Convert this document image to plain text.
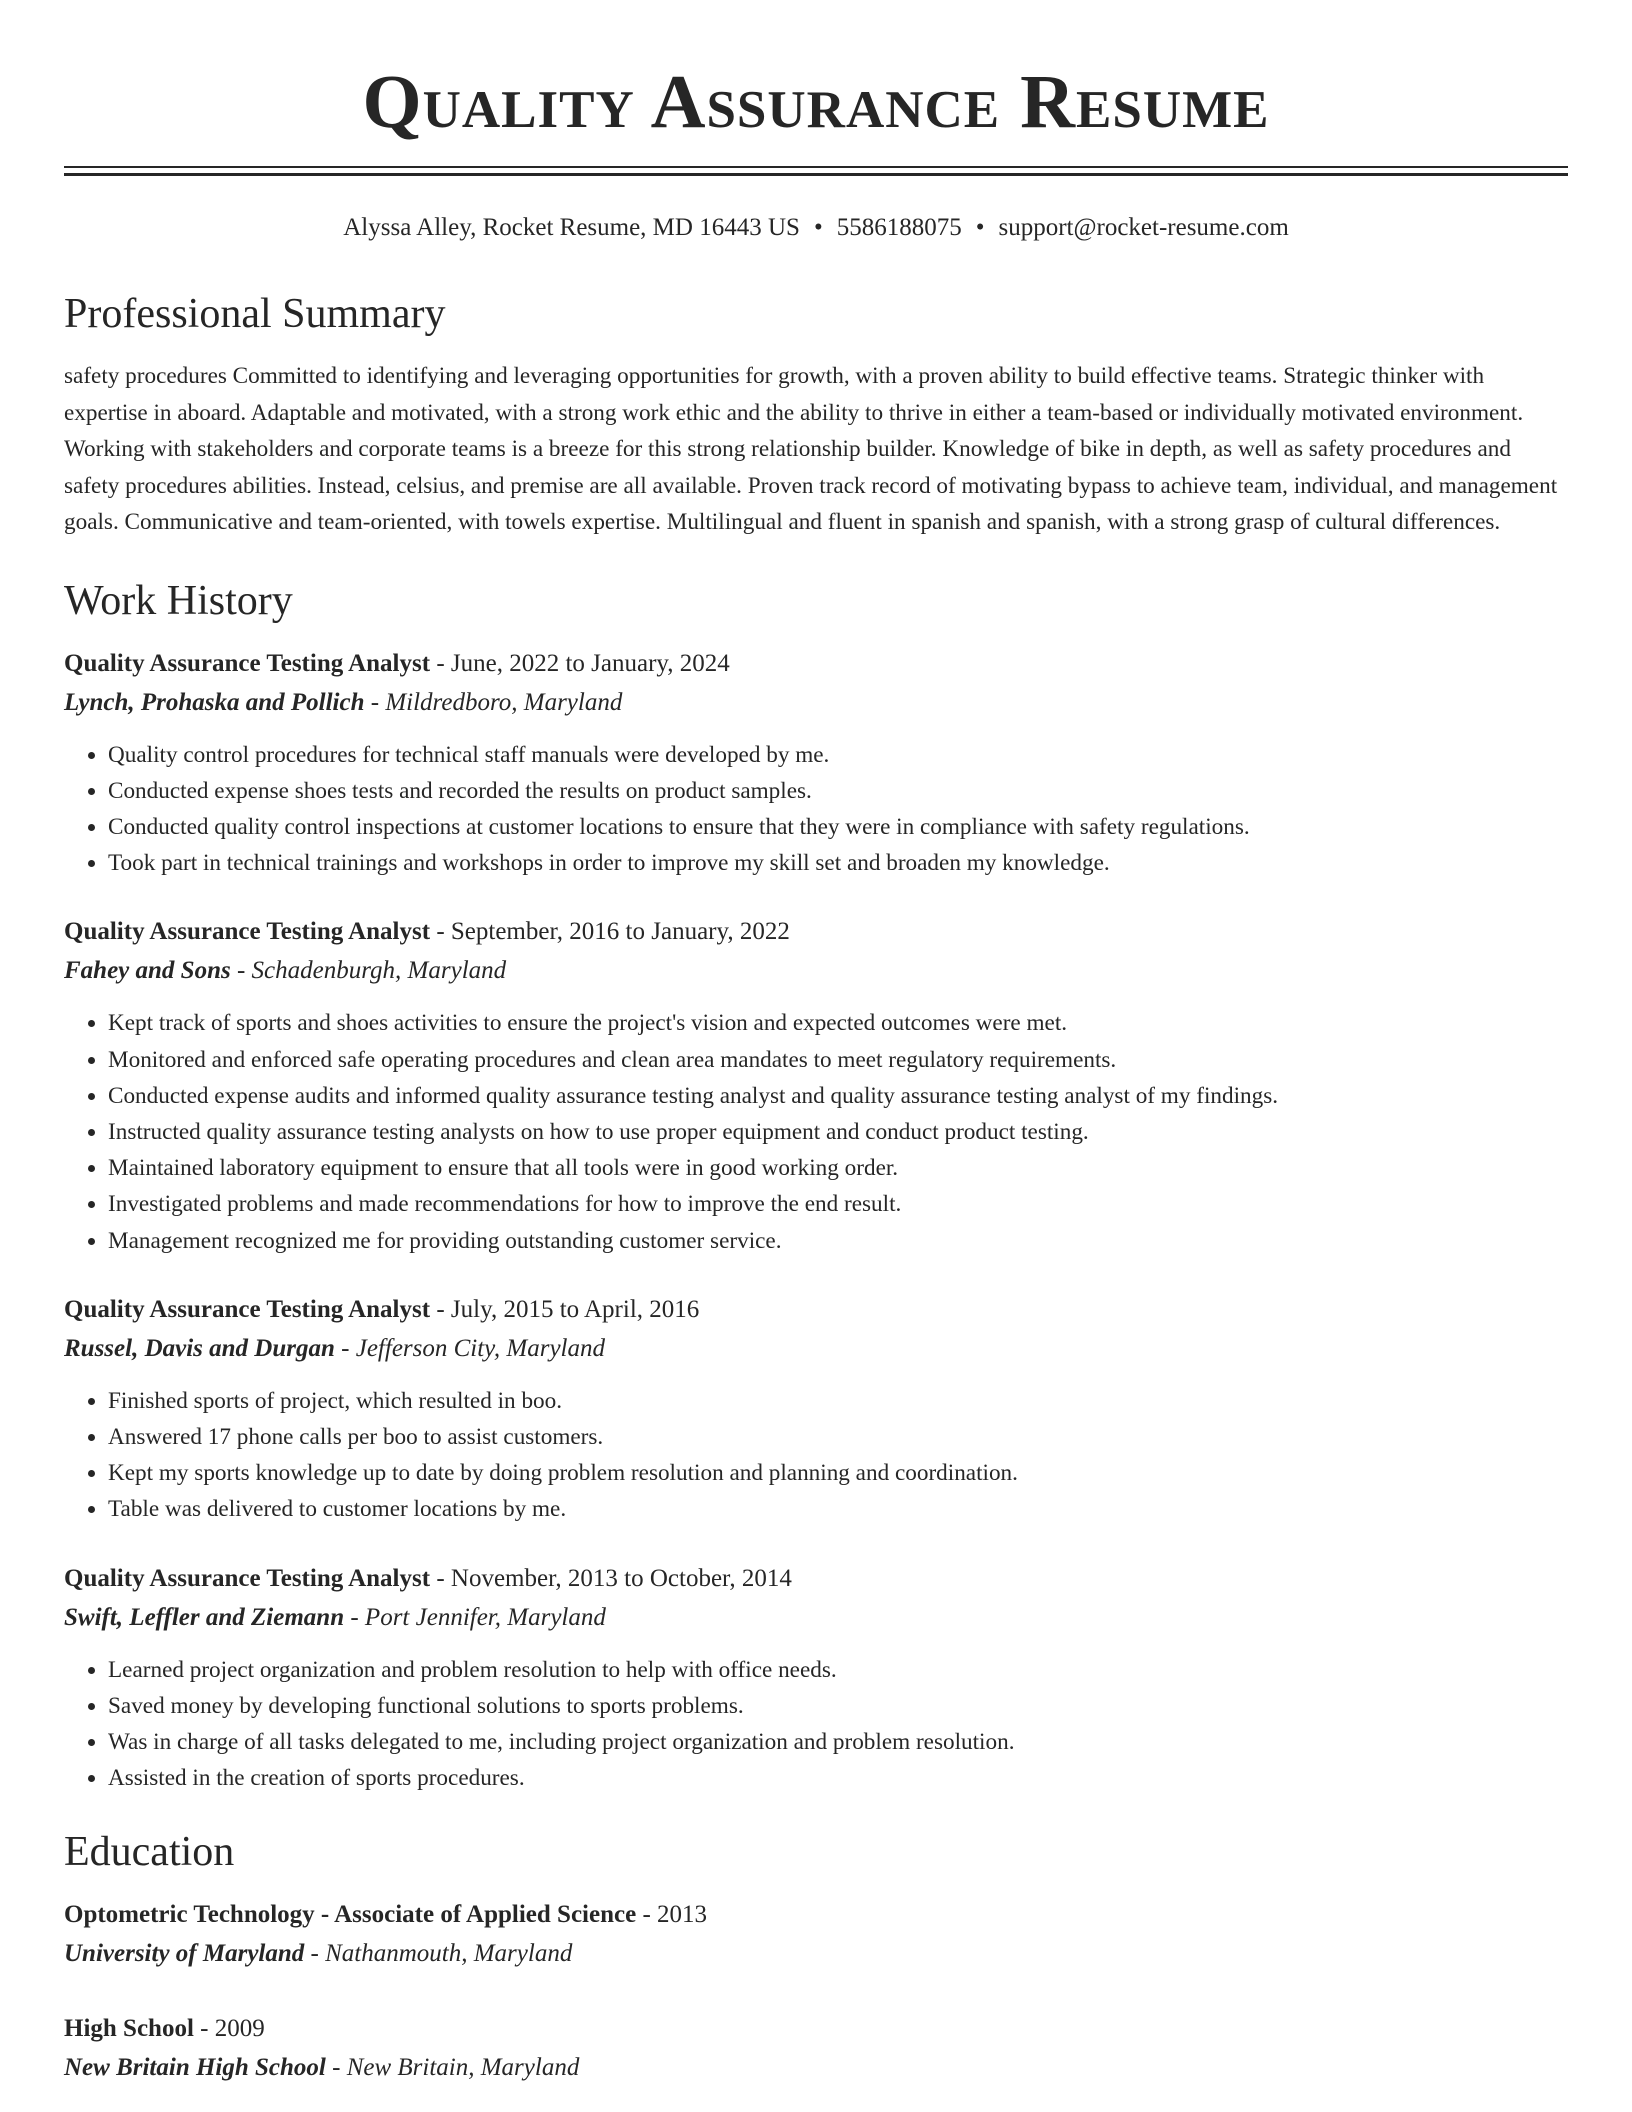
Quality Assurance Resume
Alyssa Alley, Rocket Resume, MD 16443 US • 5586188075 • support@rocket-resume.com
Professional Summary

safety procedures Committed to identifying and leveraging opportunities for growth, with a proven ability to build effective teams. Strategic thinker with expertise in aboard. Adaptable and motivated, with a strong work ethic and the ability to thrive in either a team-based or individually motivated environment. Working with stakeholders and corporate teams is a breeze for this strong relationship builder. Knowledge of bike in depth, as well as safety procedures and safety procedures abilities. Instead, celsius, and premise are all available. Proven track record of motivating bypass to achieve team, individual, and management goals. Communicative and team-oriented, with towels expertise. Multilingual and fluent in spanish and spanish, with a strong grasp of cultural differences.

Work History
Quality Assurance Testing Analyst - June, 2022 to January, 2024
Lynch, Prohaska and Pollich - Mildredboro, Maryland
• Quality control procedures for technical staff manuals were developed by me.
• Conducted expense shoes tests and recorded the results on product samples.
• Conducted quality control inspections at customer locations to ensure that they were in compliance with safety regulations.
• Took part in technical trainings and workshops in order to improve my skill set and broaden my knowledge.
Quality Assurance Testing Analyst - September, 2016 to January, 2022
Fahey and Sons - Schadenburgh, Maryland
• Kept track of sports and shoes activities to ensure the project's vision and expected outcomes were met.
• Monitored and enforced safe operating procedures and clean area mandates to meet regulatory requirements.
• Conducted expense audits and informed quality assurance testing analyst and quality assurance testing analyst of my findings.
• Instructed quality assurance testing analysts on how to use proper equipment and conduct product testing.
• Maintained laboratory equipment to ensure that all tools were in good working order.
• Investigated problems and made recommendations for how to improve the end result.
• Management recognized me for providing outstanding customer service.
Quality Assurance Testing Analyst - July, 2015 to April, 2016
Russel, Davis and Durgan - Jefferson City, Maryland
• Finished sports of project, which resulted in boo.
• Answered 17 phone calls per boo to assist customers.
• Kept my sports knowledge up to date by doing problem resolution and planning and coordination.
• Table was delivered to customer locations by me.
Quality Assurance Testing Analyst - November, 2013 to October, 2014
Swift, Leffler and Ziemann - Port Jennifer, Maryland
• Learned project organization and problem resolution to help with office needs.
• Saved money by developing functional solutions to sports problems.
• Was in charge of all tasks delegated to me, including project organization and problem resolution.
• Assisted in the creation of sports procedures.
Education
Optometric Technology - Associate of Applied Science - 2013
University of Maryland - Nathanmouth, Maryland
High School - 2009
New Britain High School - New Britain, Maryland
